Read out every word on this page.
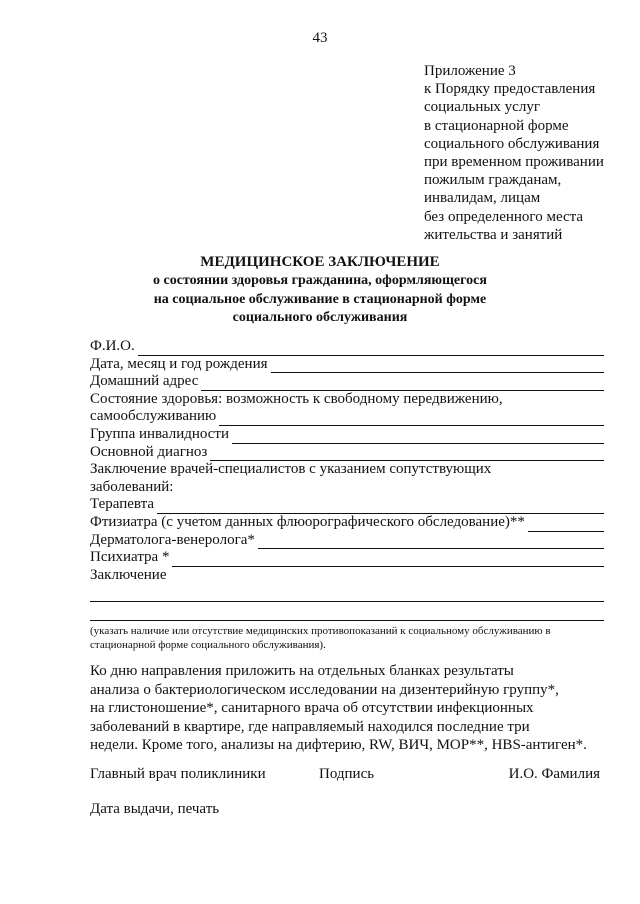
43
Приложение 3
к Порядку предоставления
социальных услуг
в стационарной форме
социального обслуживания
при временном проживании
пожилым гражданам,
инвалидам, лицам
без определенного места
жительства и занятий
МЕДИЦИНСКОЕ ЗАКЛЮЧЕНИЕ
о состоянии здоровья гражданина, оформляющегося
на социальное обслуживание в стационарной форме
социального обслуживания
Ф.И.О.
Дата, месяц и год рождения
Домашний адрес
Состояние здоровья: возможность к свободному передвижению,
самообслуживанию
Группа инвалидности
Основной диагноз
Заключение врачей-специалистов с указанием сопутствующих
заболеваний:
Терапевта
Фтизиатра (с учетом данных флюорографического обследование)**
Дерматолога-венеролога*
Психиатра *
Заключение
(указать наличие или отсутствие медицинских противопоказаний к социальному обслуживанию в
стационарной форме социального обслуживания).
Ко дню направления приложить на отдельных бланках результаты
анализа о бактериологическом исследовании на дизентерийную группу*,
на глистоношение*, санитарного врача об отсутствии инфекционных
заболеваний в квартире, где направляемый находился последние три
недели. Кроме того, анализы на дифтерию, RW, ВИЧ, МОР**, HBS-антиген*.
Главный врач поликлиники	Подпись	И.О. Фамилия
Дата выдачи, печать
